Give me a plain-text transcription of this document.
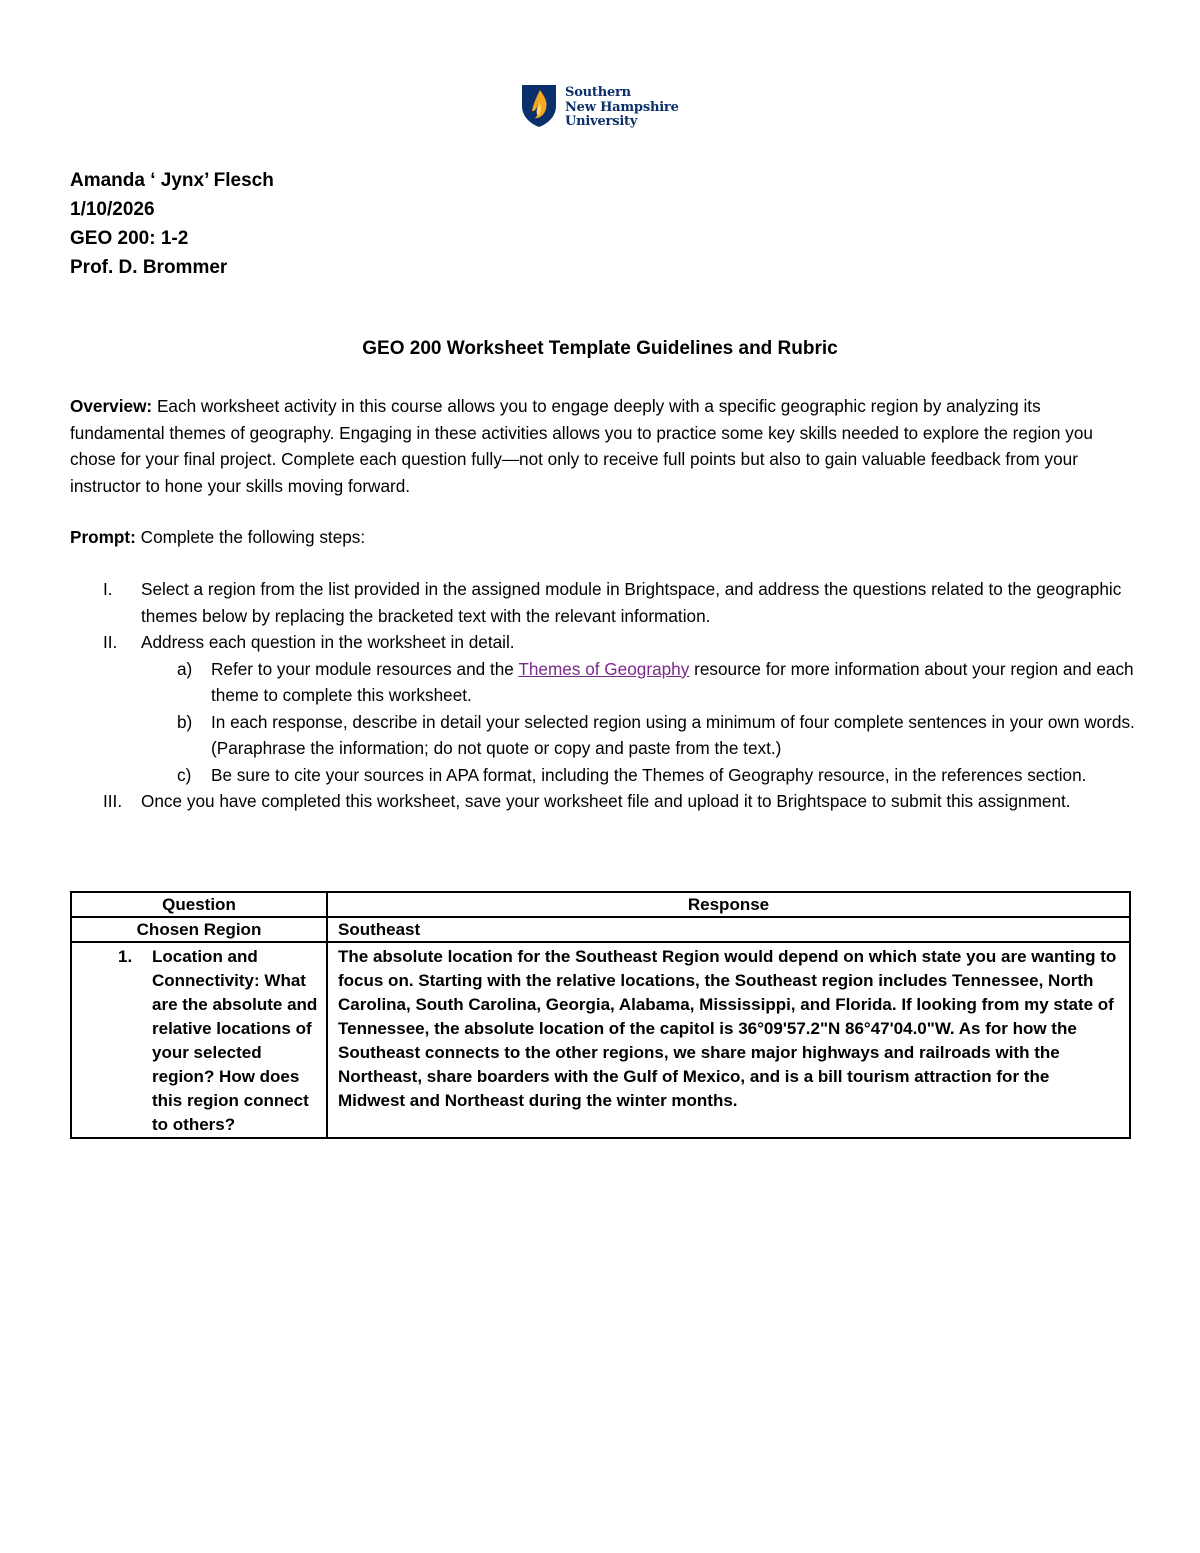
Southern
New Hampshire
University
Amanda ‘ Jynx’ Flesch
1/10/2026
GEO 200: 1-2
Prof. D. Brommer
GEO 200 Worksheet Template Guidelines and Rubric
Overview: Each worksheet activity in this course allows you to engage deeply with a specific geographic region by analyzing its fundamental themes of geography. Engaging in these activities allows you to practice some key skills needed to explore the region you chose for your final project. Complete each question fully—not only to receive full points but also to gain valuable feedback from your instructor to hone your skills moving forward.
Prompt: Complete the following steps:
I.	Select a region from the list provided in the assigned module in Brightspace, and address the questions related to the geographic themes below by replacing the bracketed text with the relevant information.
II.	Address each question in the worksheet in detail.
a)	Refer to your module resources and the Themes of Geography resource for more information about your region and each theme to complete this worksheet.
b)	In each response, describe in detail your selected region using a minimum of four complete sentences in your own words. (Paraphrase the information; do not quote or copy and paste from the text.)
c)	Be sure to cite your sources in APA format, including the Themes of Geography resource, in the references section.
III.	Once you have completed this worksheet, save your worksheet file and upload it to Brightspace to submit this assignment.
Question	Response
Chosen Region	Southeast

1. Location and Connectivity: What are the absolute and relative locations of your selected region? How does this region connect to others?	The absolute location for the Southeast Region would depend on which state you are wanting to focus on. Starting with the relative locations, the Southeast region includes Tennessee, North Carolina, South Carolina, Georgia, Alabama, Mississippi, and Florida. If looking from my state of Tennessee, the absolute location of the capitol is 36°09'57.2"N 86°47'04.0"W. As for how the Southeast connects to the other regions, we share major highways and railroads with the Northeast, share boarders with the Gulf of Mexico, and is a bill tourism attraction for the Midwest and Northeast during the winter months.
